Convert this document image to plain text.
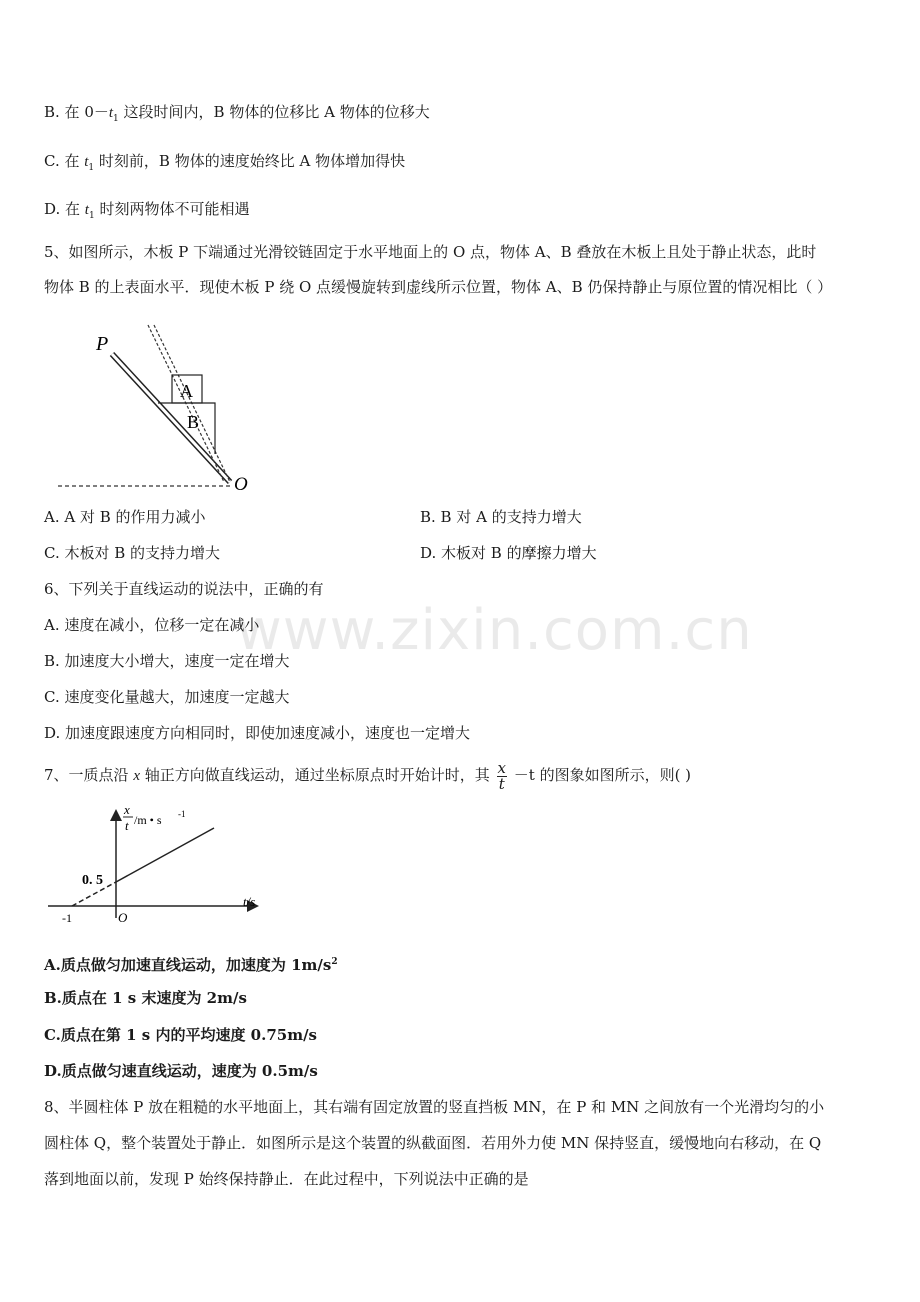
B. 在 $0-t_1$ 这段时间内，B 物体的位移比 A 物体的位移大
C. 在 $t_1$ 时刻前，B 物体的速度始终比 A 物体增加得快
D. 在 $t_1$ 时刻两物体不可能相遇
5、如图所示，木板 P 下端通过光滑铰链固定于水平地面上的 O 点，物体 A、B 叠放在木板上且处于静止状态，此时
物体 B 的上表面水平．现使木板 P 绕 O 点缓慢旋转到虚线所示位置，物体 A、B 仍保持静止与原位置的情况相比（ ）
P
A
B
O
A. A 对 B 的作用力减小	B. B 对 A 的支持力增大
C. 木板对 B 的支持力增大	D. 木板对 B 的摩擦力增大
6、下列关于直线运动的说法中，正确的有
A. 速度在减小，位移一定在减小
B. 加速度大小增大，速度一定在增大
C. 速度变化量越大，加速度一定越大
D. 加速度跟速度方向相同时，即使加速度减小，速度也一定增大
7、一质点沿 x 轴正方向做直线运动，通过坐标原点时开始计时，其 $\frac{x}{t} -t$ 的图象如图所示，则( )
x
t /m • s -1
0. 5
-1	O
t/s
A.质点做匀加速直线运动，加速度为 $1m/s^2$
B.质点在 1 s 末速度为 2m/s
C.质点在第 1 s 内的平均速度 0.75m/s
D.质点做匀速直线运动，速度为 0.5m/s
8、半圆柱体 P 放在粗糙的水平地面上，其右端有固定放置的竖直挡板 MN，在 P 和 MN 之间放有一个光滑均匀的小
圆柱体 Q，整个装置处于静止．如图所示是这个装置的纵截面图．若用外力使 MN 保持竖直，缓慢地向右移动，在 Q
落到地面以前，发现 P 始终保持静止．在此过程中，下列说法中正确的是
www.zixin.com.cn
